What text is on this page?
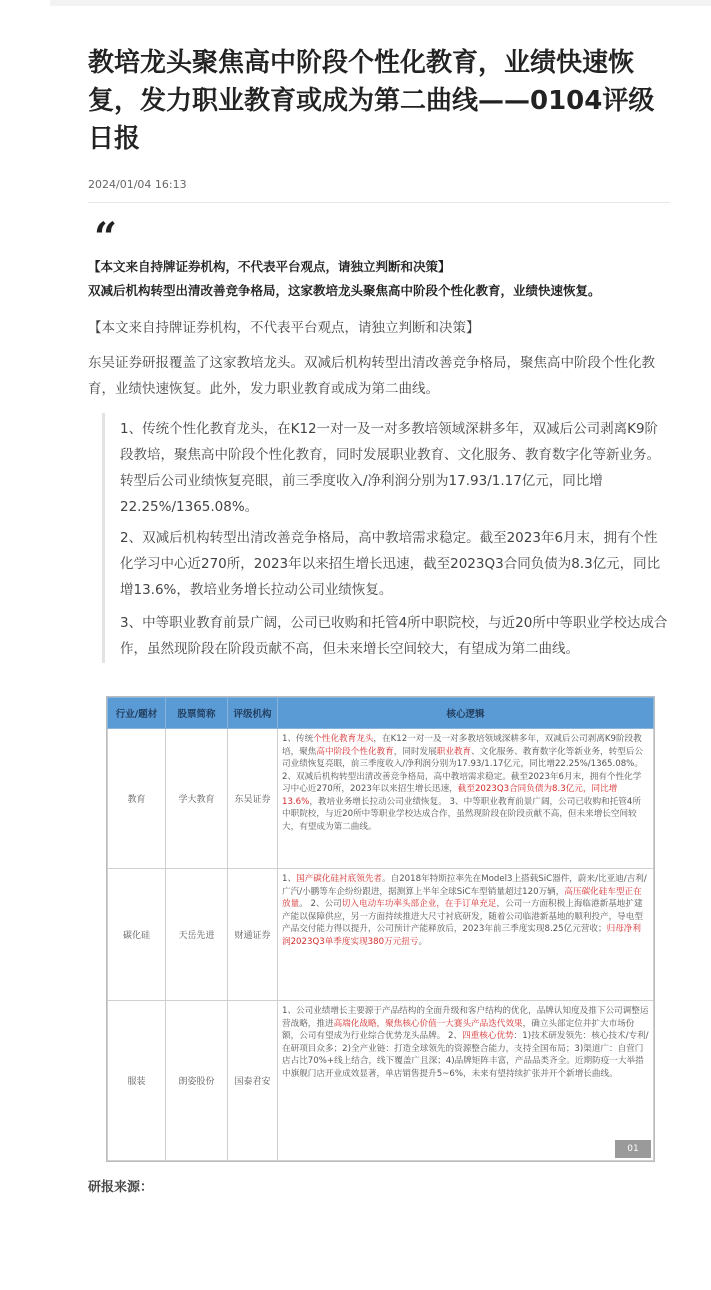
教培龙头聚焦高中阶段个性化教育，业绩快速恢复，发力职业教育或成为第二曲线——0104评级日报
2024/01/04 16:13
“
【本文来自持牌证券机构，不代表平台观点，请独立判断和决策】
双减后机构转型出清改善竞争格局，这家教培龙头聚焦高中阶段个性化教育，业绩快速恢复。

【本文来自持牌证券机构，不代表平台观点，请独立判断和决策】

东吴证券研报覆盖了这家教培龙头。双减后机构转型出清改善竞争格局，聚焦高中阶段个性化教育，业绩快速恢复。此外，发力职业教育或成为第二曲线。

1、传统个性化教育龙头，在K12一对一及一对多教培领域深耕多年，双减后公司剥离K9阶段教培，聚焦高中阶段个性化教育，同时发展职业教育、文化服务、教育数字化等新业务。转型后公司业绩恢复亮眼，前三季度收入/净利润分别为17.93/1.17亿元，同比增22.25%/1365.08%。

2、双减后机构转型出清改善竞争格局，高中教培需求稳定。截至2023年6月末，拥有个性化学习中心近270所，2023年以来招生增长迅速，截至2023Q3合同负债为8.3亿元，同比增13.6%，教培业务增长拉动公司业绩恢复。

3、中等职业教育前景广阔，公司已收购和托管4所中职院校，与近20所中等职业学校达成合作，虽然现阶段在阶段贡献不高，但未来增长空间较大，有望成为第二曲线。

行业/题材	股票简称	评级机构	核心逻辑
教育	学大教育	东吴证券	1、传统个性化教育龙头，在K12一对一及一对多教培领域深耕多年，双减后公司剥离K9阶段教培，聚焦高中阶段个性化教育，同时发展职业教育、文化服务、教育数字化等新业务，转型后公司业绩恢复亮眼，前三季度收入/净利润分别为17.93/1.17亿元，同比增22.25%/1365.08%。 2、双减后机构转型出清改善竞争格局，高中教培需求稳定。截至2023年6月末，拥有个性化学习中心近270所，2023年以来招生增长迅速，截至2023Q3合同负债为8.3亿元，同比增13.6%，教培业务增长拉动公司业绩恢复。 3、中等职业教育前景广阔，公司已收购和托管4所中职院校，与近20所中等职业学校达成合作，虽然现阶段在阶段贡献不高，但未来增长空间较大，有望成为第二曲线。
碳化硅	天岳先进	财通证券	1、国产碳化硅衬底领先者。自2018年特斯拉率先在Model3上搭载SiC器件，蔚来/比亚迪/吉利/广汽/小鹏等车企纷纷跟进，据测算上半年全球SiC车型销量超过120万辆，高压碳化硅车型正在放量。 2、公司切入电动车功率头部企业，在手订单充足，公司一方面积极上海临港新基地扩建产能以保障供应，另一方面持续推进大尺寸衬底研发，随着公司临港新基地的顺利投产，导电型产品交付能力得以提升，公司预计产能释放后，2023年前三季度实现8.25亿元营收；归母净利润2023Q3单季度实现380万元扭亏。
服装	朗姿股份	国泰君安	1、公司业绩增长主要源于产品结构的全面升级和客户结构的优化，品牌认知度及推下公司调整运营战略，推进高端化战略，聚焦核心价值一大赛头产品迭代效果，确立头部定位并扩大市场份额，公司有望成为行业综合优势龙头品牌。 2、四重核心优势：1)技术研发领先：核心技术/专利/在研项目众多；2)全产业链：打造全球领先的资源整合能力，支持全国布局；3)渠道广：自营门店占比70%+线上结合，线下覆盖广且深；4)品牌矩阵丰富，产品品类齐全。近期防疫一大举措中旗舰门店开业成效显著，单店销售提升5~6%，未来有望持续扩张并开个新增长曲线。
01
研报来源：
